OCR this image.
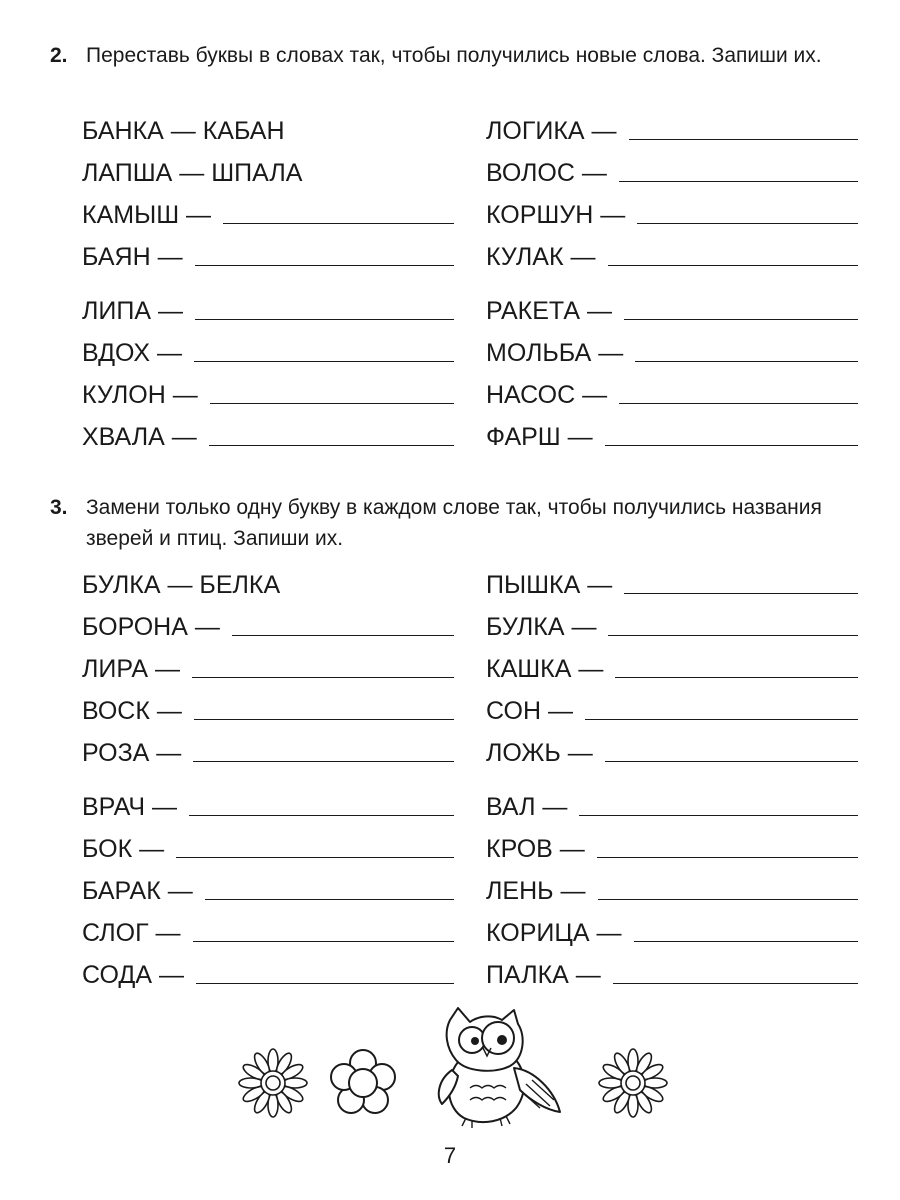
2. Переставь буквы в словах так, чтобы получились новые слова. Запиши их.
БАНКА — КАБАН
ЛАПША — ШПАЛА
КАМЫШ —
БАЯН —
ЛИПА —
ВДОХ —
КУЛОН —
ХВАЛА —
ЛОГИКА —
ВОЛОС —
КОРШУН —
КУЛАК —
РАКЕТА —
МОЛЬБА —
НАСОС —
ФАРШ —
3. Замени только одну букву в каждом слове так, чтобы получились названия зверей и птиц. Запиши их.
БУЛКА — БЕЛКА
БОРОНА —
ЛИРА —
ВОСК —
РОЗА —
ВРАЧ —
БОК —
БАРАК —
СЛОГ —
СОДА —
ПЫШКА —
БУЛКА —
КАШКА —
СОН —
ЛОЖЬ —
ВАЛ —
КРОВ —
ЛЕНЬ —
КОРИЦА —
ПАЛКА —
7
